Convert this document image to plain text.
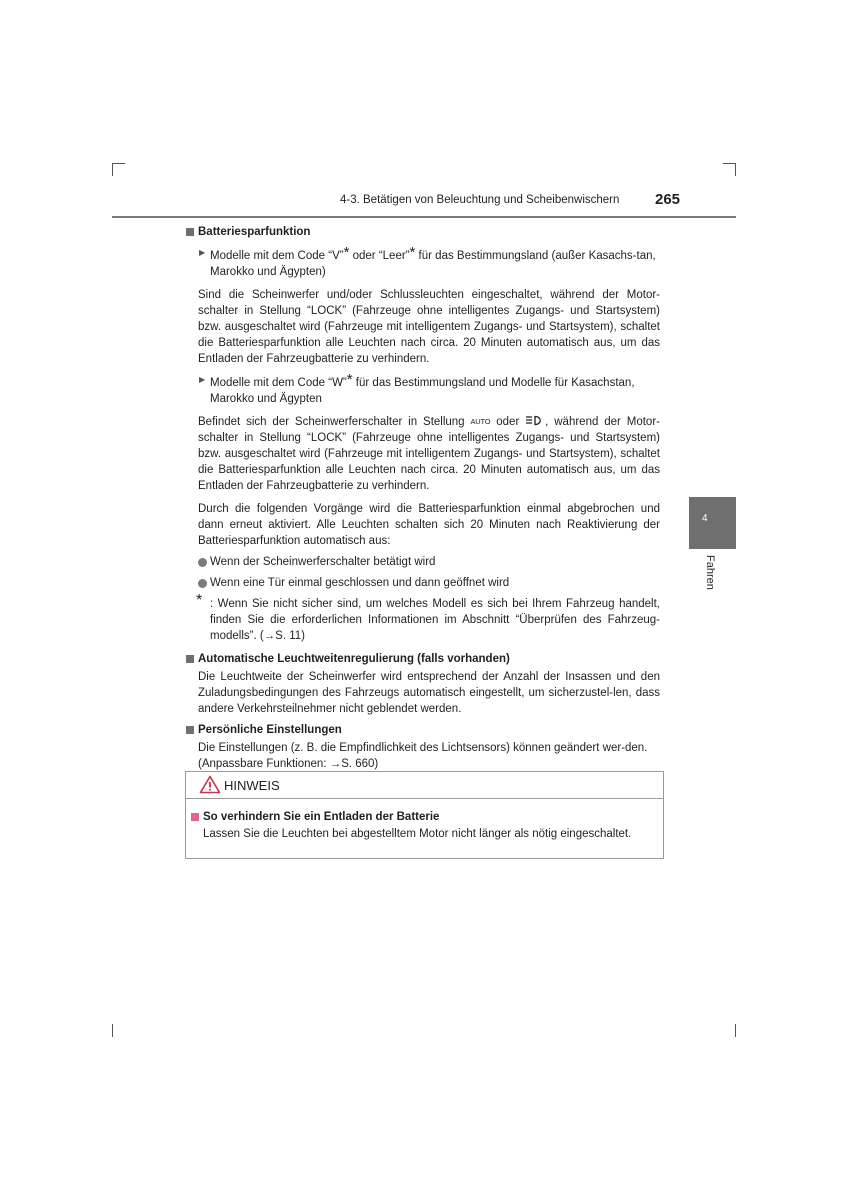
4-3. Betätigen von Beleuchtung und Scheibenwischern 265
4
Fahren

Batteriesparfunktion

▶ Modelle mit dem Code “V”* oder “Leer”* für das Bestimmungsland (außer Kasachs-tan, Marokko und Ägypten)

Sind die Scheinwerfer und/oder Schlussleuchten eingeschaltet, während der Motor-schalter in Stellung “LOCK” (Fahrzeuge ohne intelligentes Zugangs- und Startsystem) bzw. ausgeschaltet wird (Fahrzeuge mit intelligentem Zugangs- und Startsystem), schaltet die Batteriesparfunktion alle Leuchten nach circa. 20 Minuten automatisch aus, um das Entladen der Fahrzeugbatterie zu verhindern.

▶ Modelle mit dem Code “W”* für das Bestimmungsland und Modelle für Kasachstan, Marokko und Ägypten

Befindet sich der Scheinwerferschalter in Stellung AUTO oder , während der Motor-schalter in Stellung “LOCK” (Fahrzeuge ohne intelligentes Zugangs- und Startsystem) bzw. ausgeschaltet wird (Fahrzeuge mit intelligentem Zugangs- und Startsystem), schaltet die Batteriesparfunktion alle Leuchten nach circa. 20 Minuten automatisch aus, um das Entladen der Fahrzeugbatterie zu verhindern.

Durch die folgenden Vorgänge wird die Batteriesparfunktion einmal abgebrochen und dann erneut aktiviert. Alle Leuchten schalten sich 20 Minuten nach Reaktivierung der Batteriesparfunktion automatisch aus:

Wenn der Scheinwerferschalter betätigt wird

Wenn eine Tür einmal geschlossen und dann geöffnet wird

* : Wenn Sie nicht sicher sind, um welches Modell es sich bei Ihrem Fahrzeug handelt, finden Sie die erforderlichen Informationen im Abschnitt “Überprüfen des Fahrzeug-modells”. (→S. 11)

Automatische Leuchtweitenregulierung (falls vorhanden)

Die Leuchtweite der Scheinwerfer wird entsprechend der Anzahl der Insassen und den Zuladungsbedingungen des Fahrzeugs automatisch eingestellt, um sicherzustel-len, dass andere Verkehrsteilnehmer nicht geblendet werden.

Persönliche Einstellungen

Die Einstellungen (z. B. die Empfindlichkeit des Lichtsensors) können geändert wer-den.

(Anpassbare Funktionen: →S. 660)

HINWEIS
So verhindern Sie ein Entladen der Batterie
Lassen Sie die Leuchten bei abgestelltem Motor nicht länger als nötig eingeschaltet.
